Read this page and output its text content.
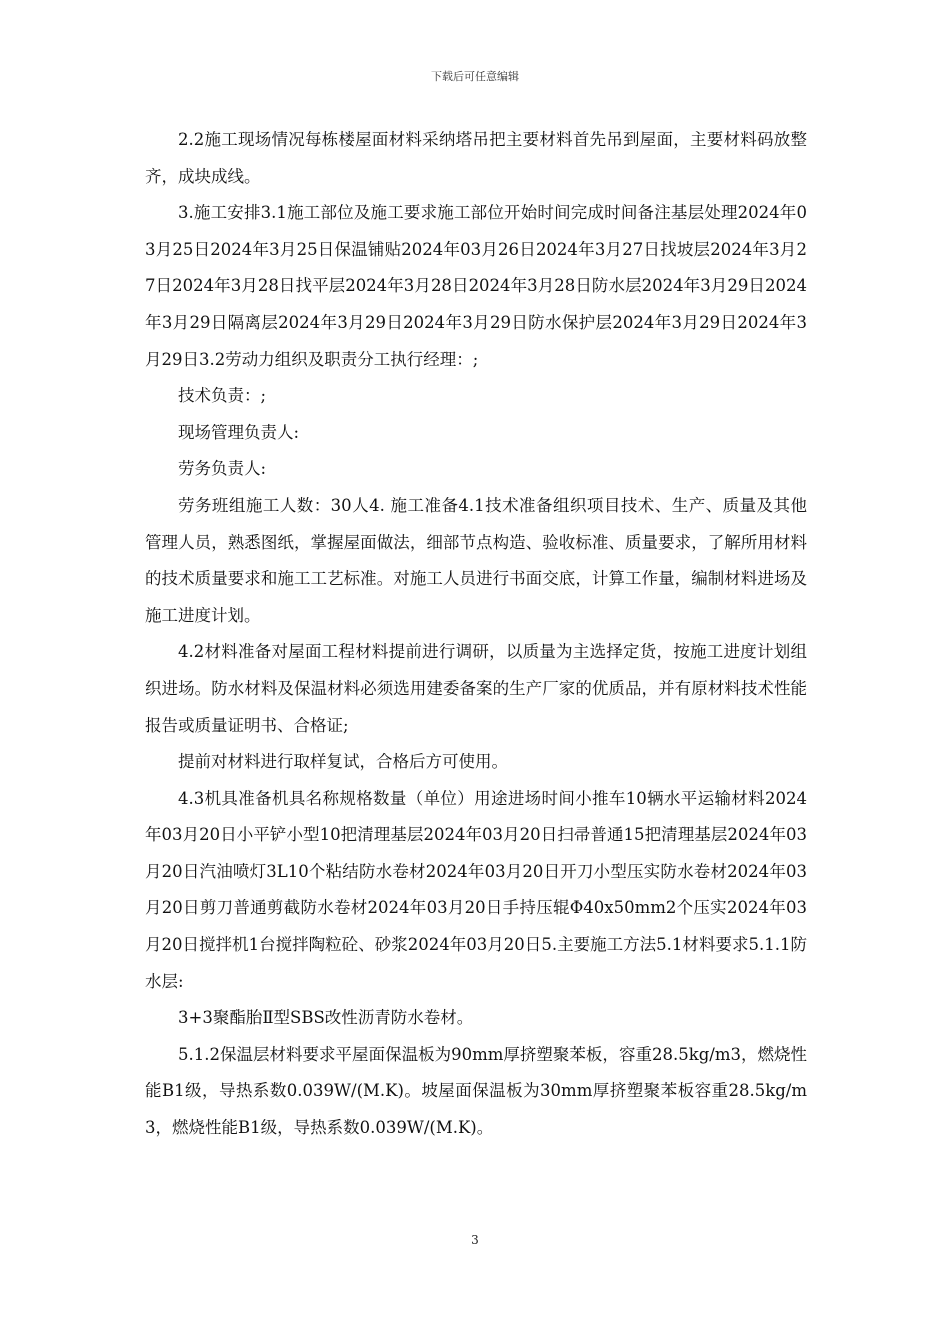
下载后可任意编辑

2.2施工现场情况每栋楼屋面材料采纳塔吊把主要材料首先吊到屋面，主要材料码放整齐，成块成线。

3.施工安排3.1施工部位及施工要求施工部位开始时间完成时间备注基层处理2024年03月25日2024年3月25日保温铺贴2024年03月26日2024年3月27日找坡层2024年3月27日2024年3月28日找平层2024年3月28日2024年3月28日防水层2024年3月29日2024年3月29日隔离层2024年3月29日2024年3月29日防水保护层2024年3月29日2024年3月29日3.2劳动力组织及职责分工执行经理：;

技术负责：;

现场管理负责人:

劳务负责人:

劳务班组施工人数：30人4. 施工准备4.1技术准备组织项目技术、生产、质量及其他管理人员，熟悉图纸，掌握屋面做法，细部节点构造、验收标准、质量要求，了解所用材料的技术质量要求和施工工艺标准。对施工人员进行书面交底，计算工作量，编制材料进场及施工进度计划。

4.2材料准备对屋面工程材料提前进行调研，以质量为主选择定货，按施工进度计划组织进场。防水材料及保温材料必须选用建委备案的生产厂家的优质品，并有原材料技术性能报告或质量证明书、合格证;

提前对材料进行取样复试，合格后方可使用。

4.3机具准备机具名称规格数量（单位）用途进场时间小推车10辆水平运输材料2024年03月20日小平铲小型10把清理基层2024年03月20日扫帚普通15把清理基层2024年03月20日汽油喷灯3L10个粘结防水卷材2024年03月20日开刀小型压实防水卷材2024年03月20日剪刀普通剪截防水卷材2024年03月20日手持压辊Φ40x50mm2个压实2024年03月20日搅拌机1台搅拌陶粒砼、砂浆2024年03月20日5.主要施工方法5.1材料要求5.1.1防水层:

3+3聚酯胎Ⅱ型SBS改性沥青防水卷材。

5.1.2保温层材料要求平屋面保温板为90mm厚挤塑聚苯板，容重28.5kg/m3，燃烧性能B1级，导热系数0.039W/(M.K)。坡屋面保温板为30mm厚挤塑聚苯板容重28.5kg/m3，燃烧性能B1级，导热系数0.039W/(M.K)。

3
